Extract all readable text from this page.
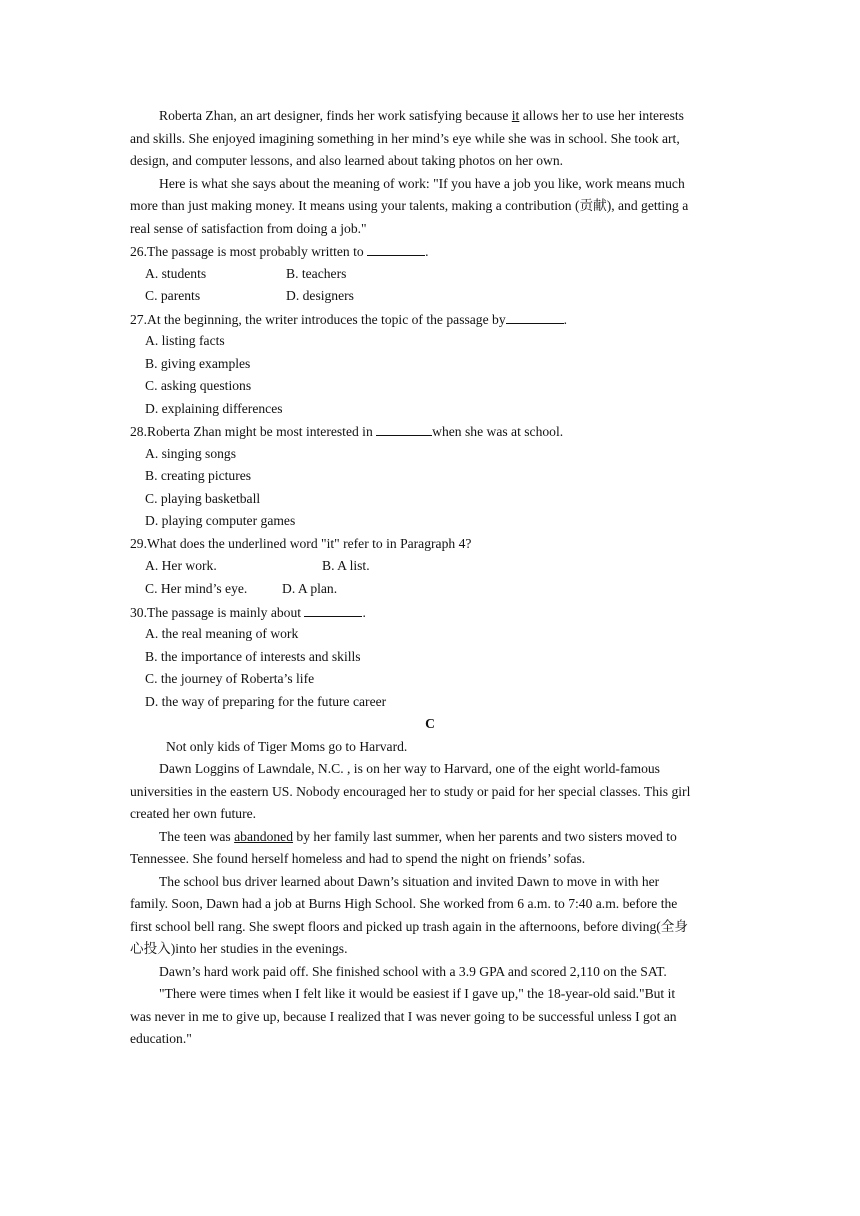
Roberta Zhan, an art designer, finds her work satisfying because it allows her to use her interests
and skills. She enjoyed imagining something in her mind’s eye while she was in school. She took art,
design, and computer lessons, and also learned about taking photos on her own.
Here is what she says about the meaning of work: "If you have a job you like, work means much
more than just making money. It means using your talents, making a contribution (贡献), and getting a
real sense of satisfaction from doing a job."
26.The passage is most probably written to	.
A. students	B. teachers
C. parents	D. designers
27.At the beginning, the writer introduces the topic of the passage by	.
A. listing facts
B. giving examples
C. asking questions
D. explaining differences
28.Roberta Zhan might be most interested in	when she was at school.
A. singing songs
B. creating pictures
C. playing basketball
D. playing computer games
29.What does the underlined word "it" refer to in Paragraph 4?
A. Her work.	B. A list.
C. Her mind’s eye.	D. A plan.
30.The passage is mainly about	.
A. the real meaning of work
B. the importance of interests and skills
C. the journey of Roberta’s life
D. the way of preparing for the future career
C
Not only kids of Tiger Moms go to Harvard.
Dawn Loggins of Lawndale, N.C. , is on her way to Harvard, one of the eight world-famous
universities in the eastern US. Nobody encouraged her to study or paid for her special classes. This girl
created her own future.
The teen was abandoned by her family last summer, when her parents and two sisters moved to
Tennessee. She found herself homeless and had to spend the night on friends’ sofas.
The school bus driver learned about Dawn’s situation and invited Dawn to move in with her
family. Soon, Dawn had a job at Burns High School. She worked from 6 a.m. to 7:40 a.m. before the
first school bell rang. She swept floors and picked up trash again in the afternoons, before diving(全身
心投入)into her studies in the evenings.
Dawn’s hard work paid off. She finished school with a 3.9 GPA and scored 2,110 on the SAT.
"There were times when I felt like it would be easiest if I gave up," the 18-year-old said."But it
was never in me to give up, because I realized that I was never going to be successful unless I got an
education."
